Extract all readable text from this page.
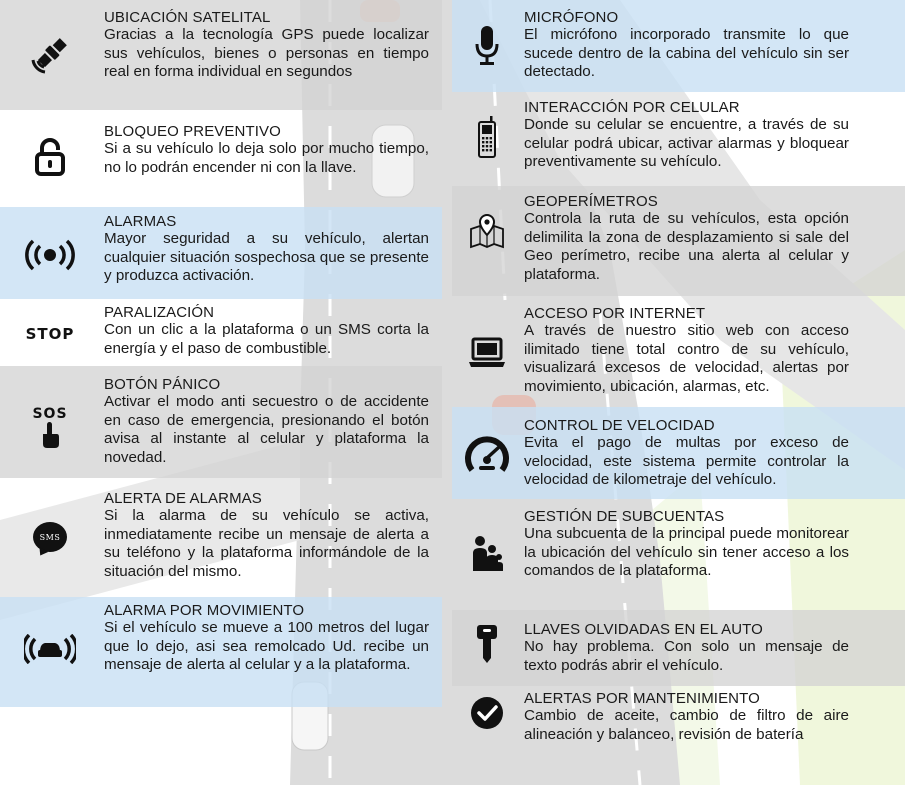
UBICACIÓN SATELITAL
Gracias a la tecnología GPS puede localizar sus vehículos, bienes o personas en tiempo real en forma individual en segundos
BLOQUEO PREVENTIVO
Si a su vehículo lo deja solo por mucho tiempo, no lo podrán encender ni con la llave.
ALARMAS
Mayor seguridad a su vehículo, alertan cualquier situación sospechosa que se presente y produzca activación.
STOP
PARALIZACIÓN
Con un clic a la plataforma o un SMS corta la energía y el paso de combustible.
SOS
BOTÓN PÁNICO
Activar el modo anti secuestro o de accidente en caso de emergencia, presionando el botón avisa al instante al celular y plataforma la novedad.
SMS
ALERTA DE ALARMAS
Si la alarma de su vehículo se activa, inmediatamente recibe un mensaje de alerta a su teléfono y la plataforma informándole de la situación del mismo.
ALARMA POR MOVIMIENTO
Si el vehículo se mueve a 100 metros del lugar que lo dejo, asi sea remolcado Ud. recibe un mensaje de alerta al celular y a la plataforma.
MICRÓFONO
El micrófono incorporado transmite lo que sucede dentro de la cabina del vehículo sin ser detectado.
INTERACCIÓN POR CELULAR
Donde su celular se encuentre, a través de su celular podrá ubicar, activar alarmas y bloquear preventivamente su vehículo.
GEOPERÍMETROS
Controla la ruta de su vehículos, esta opción delimilita la zona de desplazamiento si sale del Geo perímetro, recibe una alerta al celular y plataforma.
ACCESO POR INTERNET
A través de nuestro sitio web con acceso ilimitado tiene total contro de su vehículo, visualizará excesos de velocidad, alertas por movimiento, ubicación, alarmas, etc.
CONTROL DE VELOCIDAD
Evita el pago de multas por exceso de velocidad, este sistema permite controlar la velocidad de kilometraje del vehículo.
GESTIÓN DE SUBCUENTAS
Una subcuenta de la principal puede monitorear la ubicación del vehículo sin tener acceso a los comandos de la plataforma.
LLAVES OLVIDADAS EN EL AUTO
No hay problema. Con solo un mensaje de texto podrás abrir el vehículo.
ALERTAS POR MANTENIMIENTO
Cambio de aceite, cambio de filtro de aire alineación y balanceo, revisión de batería
